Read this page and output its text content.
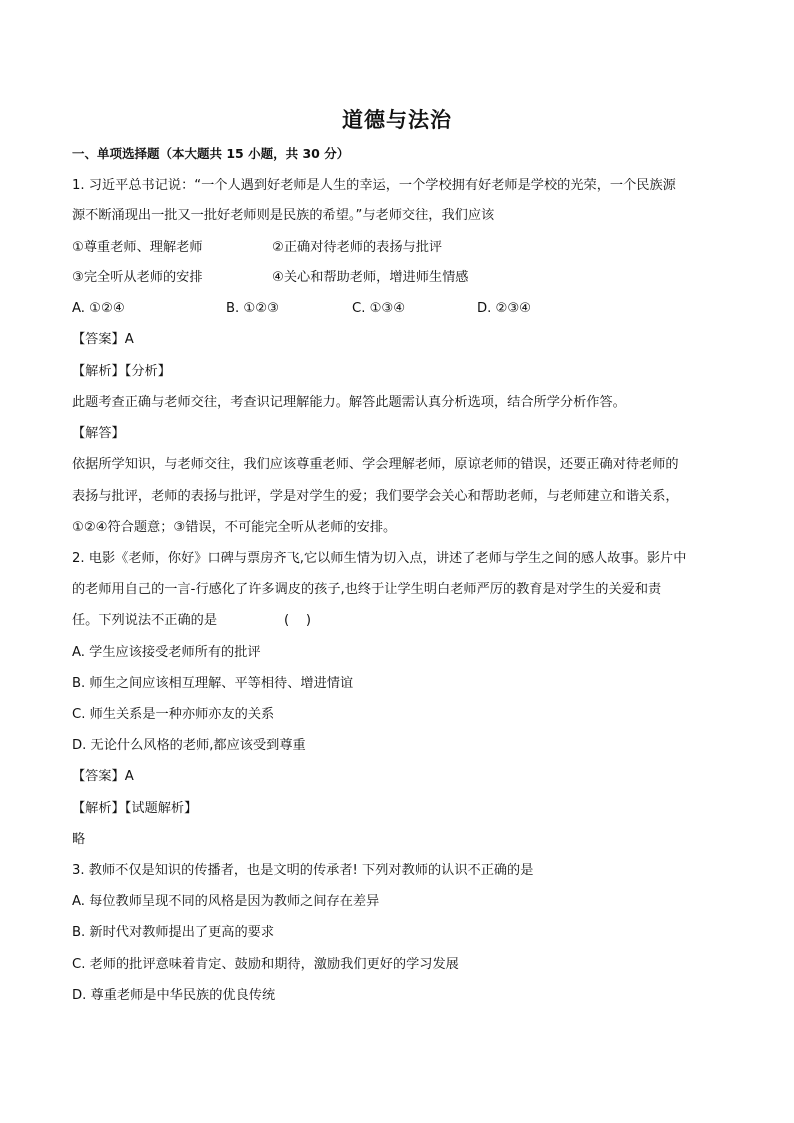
道德与法治
一、单项选择题（本大题共 15 小题，共 30 分）
1. 习近平总书记说：“一个人遇到好老师是人生的幸运，一个学校拥有好老师是学校的光荣，一个民族源
源不断涌现出一批又一批好老师则是民族的希望。”与老师交往，我们应该
①尊重老师、理解老师	②正确对待老师的表扬与批评
③完全听从老师的安排	④关心和帮助老师，增进师生情感
A. ①②④	B. ①②③	C. ①③④	D. ②③④
【答案】A
【解析】【分析】
此题考查正确与老师交往，考查识记理解能力。解答此题需认真分析选项，结合所学分析作答。
【解答】
依据所学知识，与老师交往，我们应该尊重老师、学会理解老师，原谅老师的错误，还要正确对待老师的
表扬与批评，老师的表扬与批评，学是对学生的爱；我们要学会关心和帮助老师，与老师建立和谐关系，
①②④符合题意；③错误，不可能完全听从老师的安排。
2. 电影《老师，你好》口碑与票房齐飞,它以师生情为切入点，讲述了老师与学生之间的感人故事。影片中
的老师用自己的一言-行感化了许多调皮的孩子,也终于让学生明白老师严厉的教育是对学生的关爱和责
任。下列说法不正确的是	(    )
A. 学生应该接受老师所有的批评
B. 师生之间应该相互理解、平等相待、增进情谊
C. 师生关系是一种亦师亦友的关系
D. 无论什么风格的老师,都应该受到尊重
【答案】A
【解析】【试题解析】
略
3. 教师不仅是知识的传播者，也是文明的传承者! 下列对教师的认识不正确的是
A. 每位教师呈现不同的风格是因为教师之间存在差异
B. 新时代对教师提出了更高的要求
C. 老师的批评意味着肯定、鼓励和期待，激励我们更好的学习发展
D. 尊重老师是中华民族的优良传统
